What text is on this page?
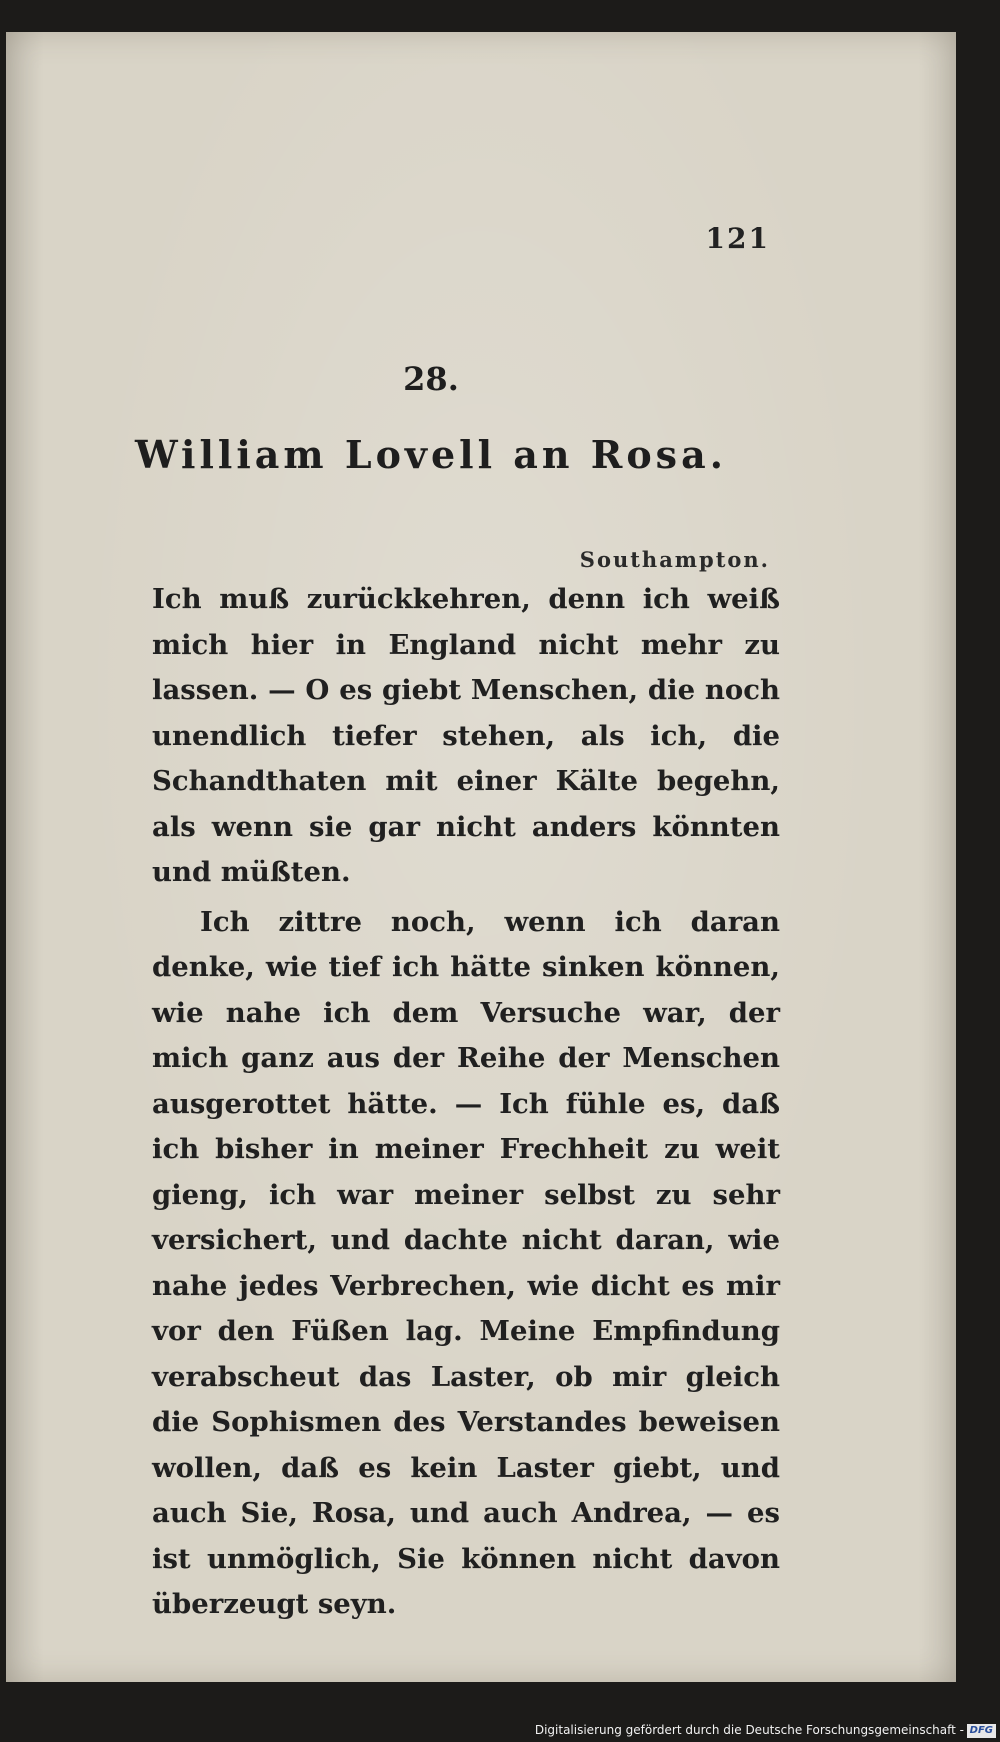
121
28.
William Lovell an Rosa.
Southampton.

Ich muß zurückkehren, denn ich weiß mich hier in England nicht mehr zu lassen. — O es giebt Menschen, die noch unendlich tiefer stehen, als ich, die Schandthaten mit einer Kälte begehn, als wenn sie gar nicht anders könnten und müßten.

Ich zittre noch, wenn ich daran denke, wie tief ich hätte sinken können, wie nahe ich dem Versuche war, der mich ganz aus der Reihe der Menschen ausgerottet hätte. — Ich fühle es, daß ich bisher in meiner Frechheit zu weit gieng, ich war meiner selbst zu sehr versichert, und dachte nicht daran, wie nahe jedes Verbrechen, wie dicht es mir vor den Füßen lag. Meine Empfindung verabscheut das Laster, ob mir gleich die Sophismen des Verstandes beweisen wollen, daß es kein Laster giebt, und auch Sie, Rosa, und auch Andrea, — es ist unmöglich, Sie können nicht davon überzeugt seyn.

Digitalisierung gefördert durch die Deutsche Forschungsgemeinschaft - DFG
